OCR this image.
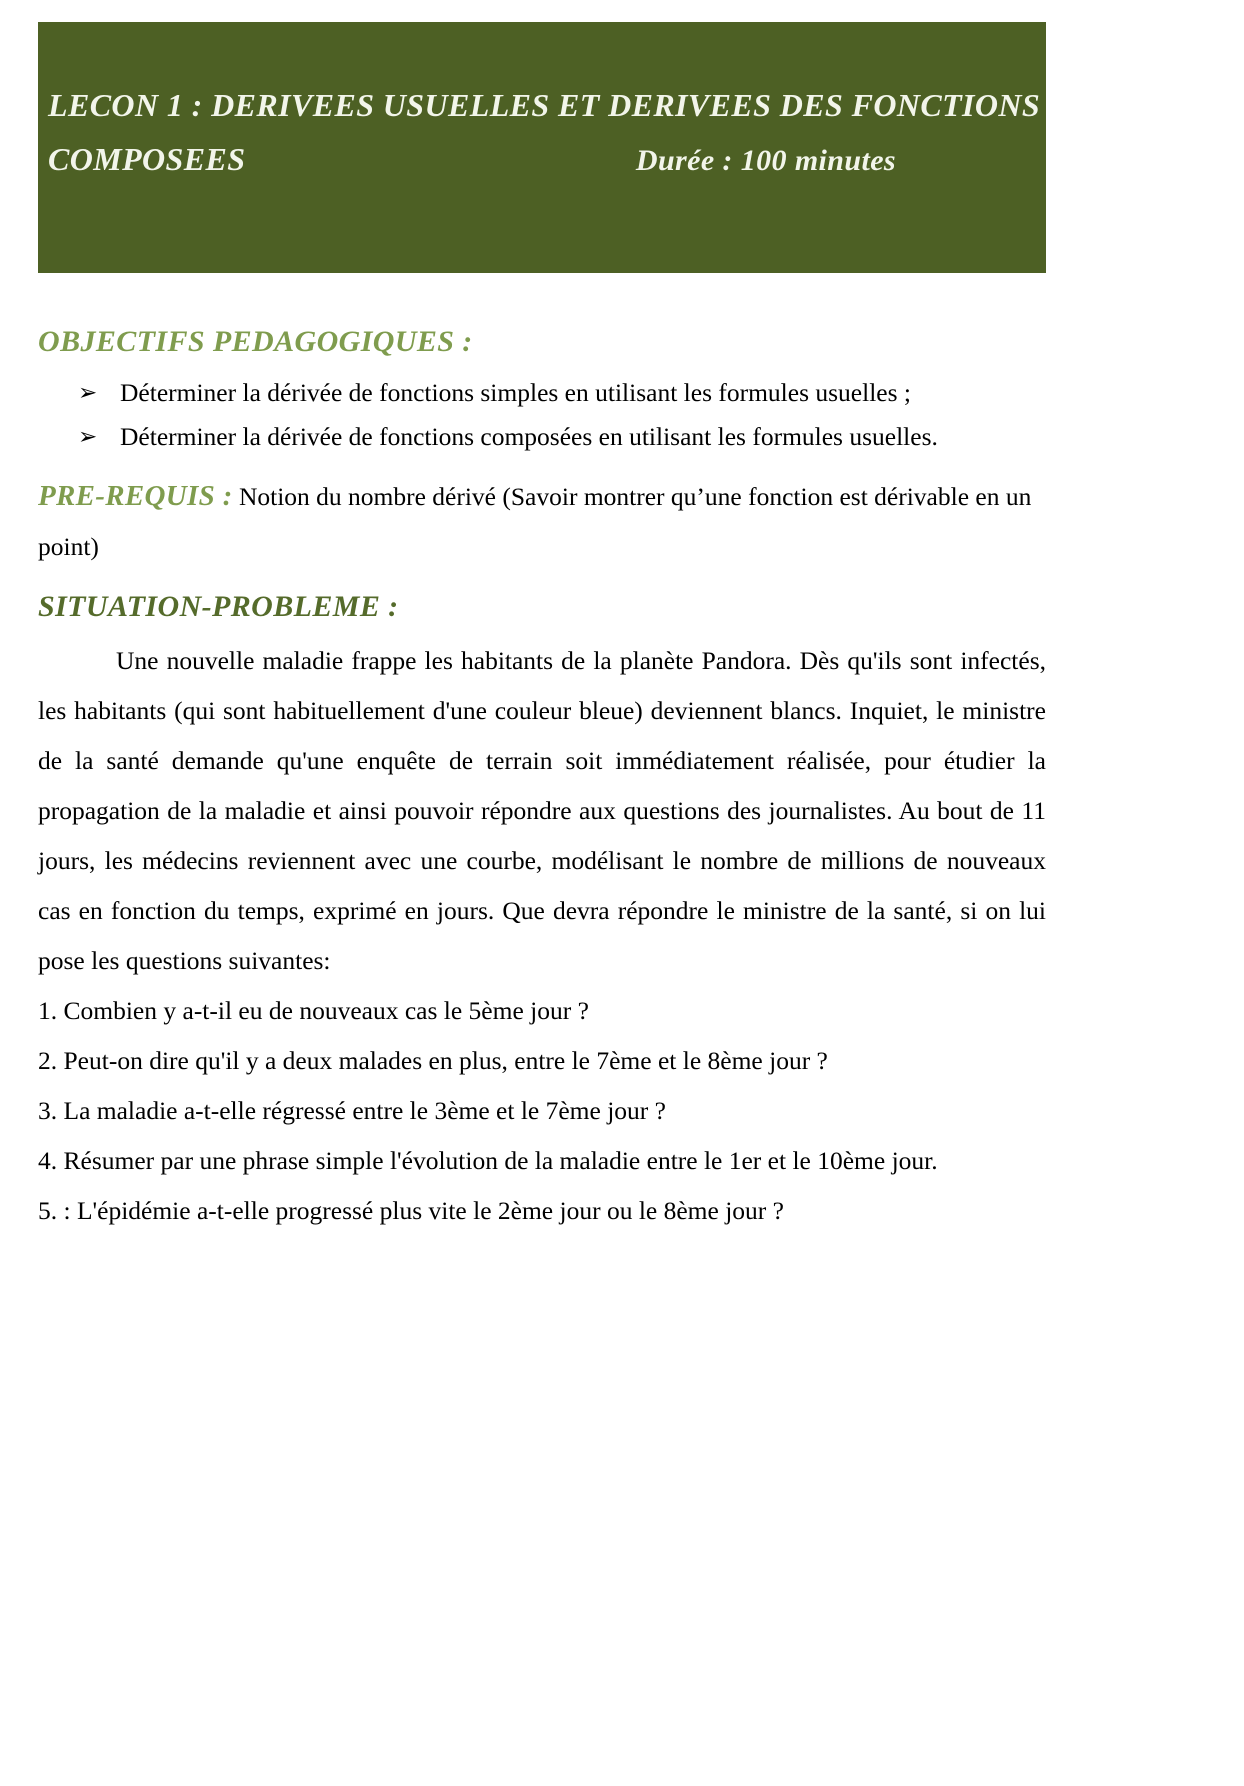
LECON 1 : DERIVEES USUELLES ET DERIVEES DES FONCTIONS
COMPOSEES	Durée : 100 minutes
OBJECTIFS PEDAGOGIQUES :
➢ Déterminer la dérivée de fonctions simples en utilisant les formules usuelles ;
➢ Déterminer la dérivée de fonctions composées en utilisant les formules usuelles.
PRE-REQUIS : Notion du nombre dérivé (Savoir montrer qu’une fonction est dérivable en un point)
SITUATION-PROBLEME :

Une nouvelle maladie frappe les habitants de la planète Pandora. Dès qu'ils sont infectés, les habitants (qui sont habituellement d'une couleur bleue) deviennent blancs. Inquiet, le ministre de la santé demande qu'une enquête de terrain soit immédiatement réalisée, pour étudier la propagation de la maladie et ainsi pouvoir répondre aux questions des journalistes. Au bout de 11 jours, les médecins reviennent avec une courbe, modélisant le nombre de millions de nouveaux cas en fonction du temps, exprimé en jours. Que devra répondre le ministre de la santé, si on lui pose les questions suivantes:

1. Combien y a-t-il eu de nouveaux cas le 5ème jour ?
2. Peut-on dire qu'il y a deux malades en plus, entre le 7ème et le 8ème jour ?
3. La maladie a-t-elle régressé entre le 3ème et le 7ème jour ?
4. Résumer par une phrase simple l'évolution de la maladie entre le 1er et le 10ème jour.
5. : L'épidémie a-t-elle progressé plus vite le 2ème jour ou le 8ème jour ?
